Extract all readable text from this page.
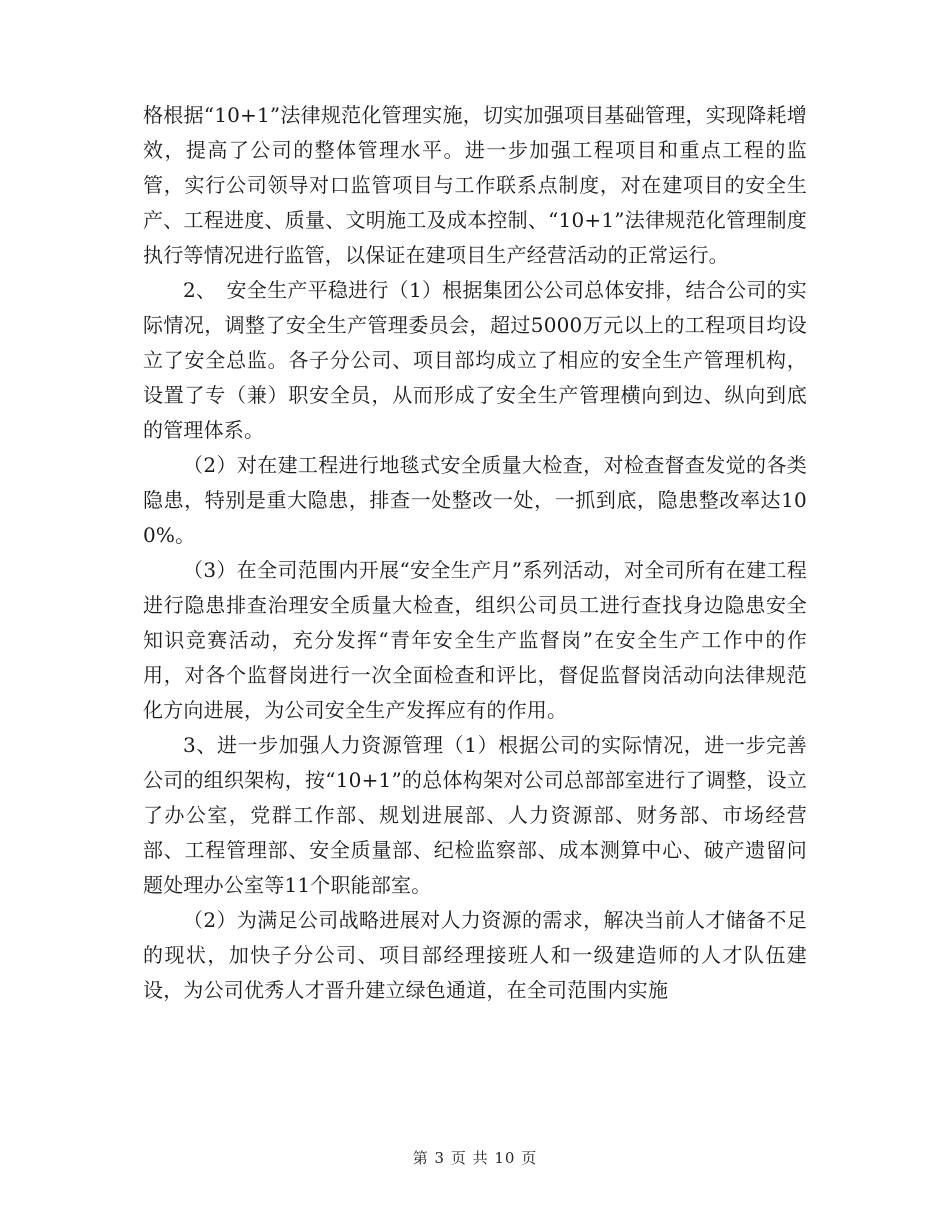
格根据“10+1”法律规范化管理实施，切实加强项目基础管理，实现降耗增效，提高了公司的整体管理水平。进一步加强工程项目和重点工程的监管，实行公司领导对口监管项目与工作联系点制度，对在建项目的安全生产、工程进度、质量、文明施工及成本控制、“10+1”法律规范化管理制度执行等情况进行监管，以保证在建项目生产经营活动的正常运行。

2、　安全生产平稳进行（1）根据集团公公司总体安排，结合公司的实际情况，调整了安全生产管理委员会，超过5000万元以上的工程项目均设立了安全总监。各子分公司、项目部均成立了相应的安全生产管理机构，设置了专（兼）职安全员，从而形成了安全生产管理横向到边、纵向到底的管理体系。

（2）对在建工程进行地毯式安全质量大检查，对检查督查发觉的各类隐患，特别是重大隐患，排查一处整改一处，一抓到底，隐患整改率达100%。

（3）在全司范围内开展“安全生产月”系列活动，对全司所有在建工程进行隐患排查治理安全质量大检查，组织公司员工进行查找身边隐患安全知识竞赛活动，充分发挥“青年安全生产监督岗”在安全生产工作中的作用，对各个监督岗进行一次全面检查和评比，督促监督岗活动向法律规范化方向进展，为公司安全生产发挥应有的作用。

3、进一步加强人力资源管理（1）根据公司的实际情况，进一步完善公司的组织架构，按“10+1”的总体构架对公司总部部室进行了调整，设立了办公室，党群工作部、规划进展部、人力资源部、财务部、市场经营部、工程管理部、安全质量部、纪检监察部、成本测算中心、破产遗留问题处理办公室等11个职能部室。

（2）为满足公司战略进展对人力资源的需求，解决当前人才储备不足的现状，加快子分公司、项目部经理接班人和一级建造师的人才队伍建设，为公司优秀人才晋升建立绿色通道，在全司范围内实施

第 3 页 共 10 页
